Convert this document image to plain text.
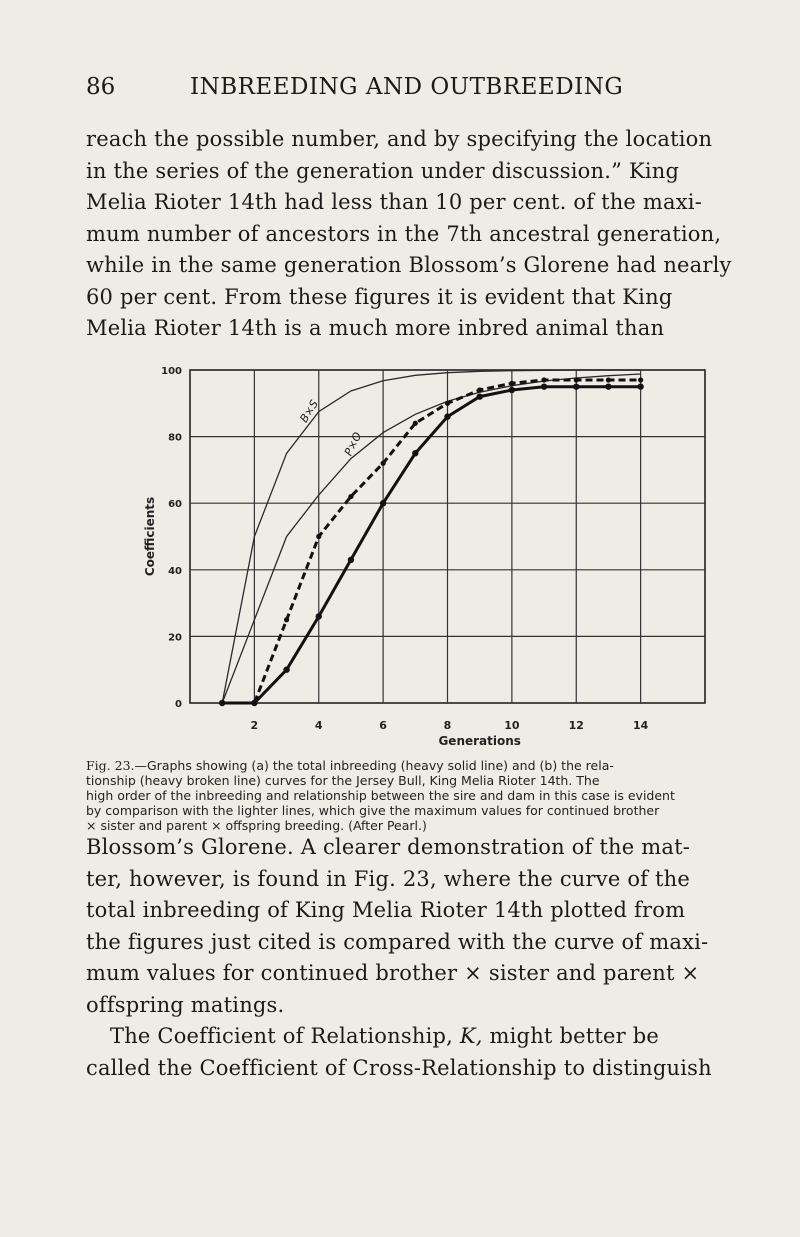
86	INBREEDING AND OUTBREEDING

reach the possible number, and by specifying the location

in the series of the generation under discussion.” King

Melia Rioter 14th had less than 10 per cent. of the maxi-

mum number of ancestors in the 7th ancestral generation,

while in the same generation Blossom’s Glorene had nearly

60 per cent. From these figures it is evident that King

Melia Rioter 14th is a much more inbred animal than

2	4	6	8	10	12	14
0
20
40
60
80
100
Generations
Coefficients
B×S
P×O

Fig. 23.—Graphs showing (a) the total inbreeding (heavy solid line) and (b) the rela-

tionship (heavy broken line) curves for the Jersey Bull, King Melia Rioter 14th. The

high order of the inbreeding and relationship between the sire and dam in this case is evident

by comparison with the lighter lines, which give the maximum values for continued brother

× sister and parent × offspring breeding. (After Pearl.)

Blossom’s Glorene. A clearer demonstration of the mat-

ter, however, is found in Fig. 23, where the curve of the

total inbreeding of King Melia Rioter 14th plotted from

the figures just cited is compared with the curve of maxi-

mum values for continued brother × sister and parent ×

offspring matings.

The Coefficient of Relationship, K, might better be

called the Coefficient of Cross-Relationship to distinguish
